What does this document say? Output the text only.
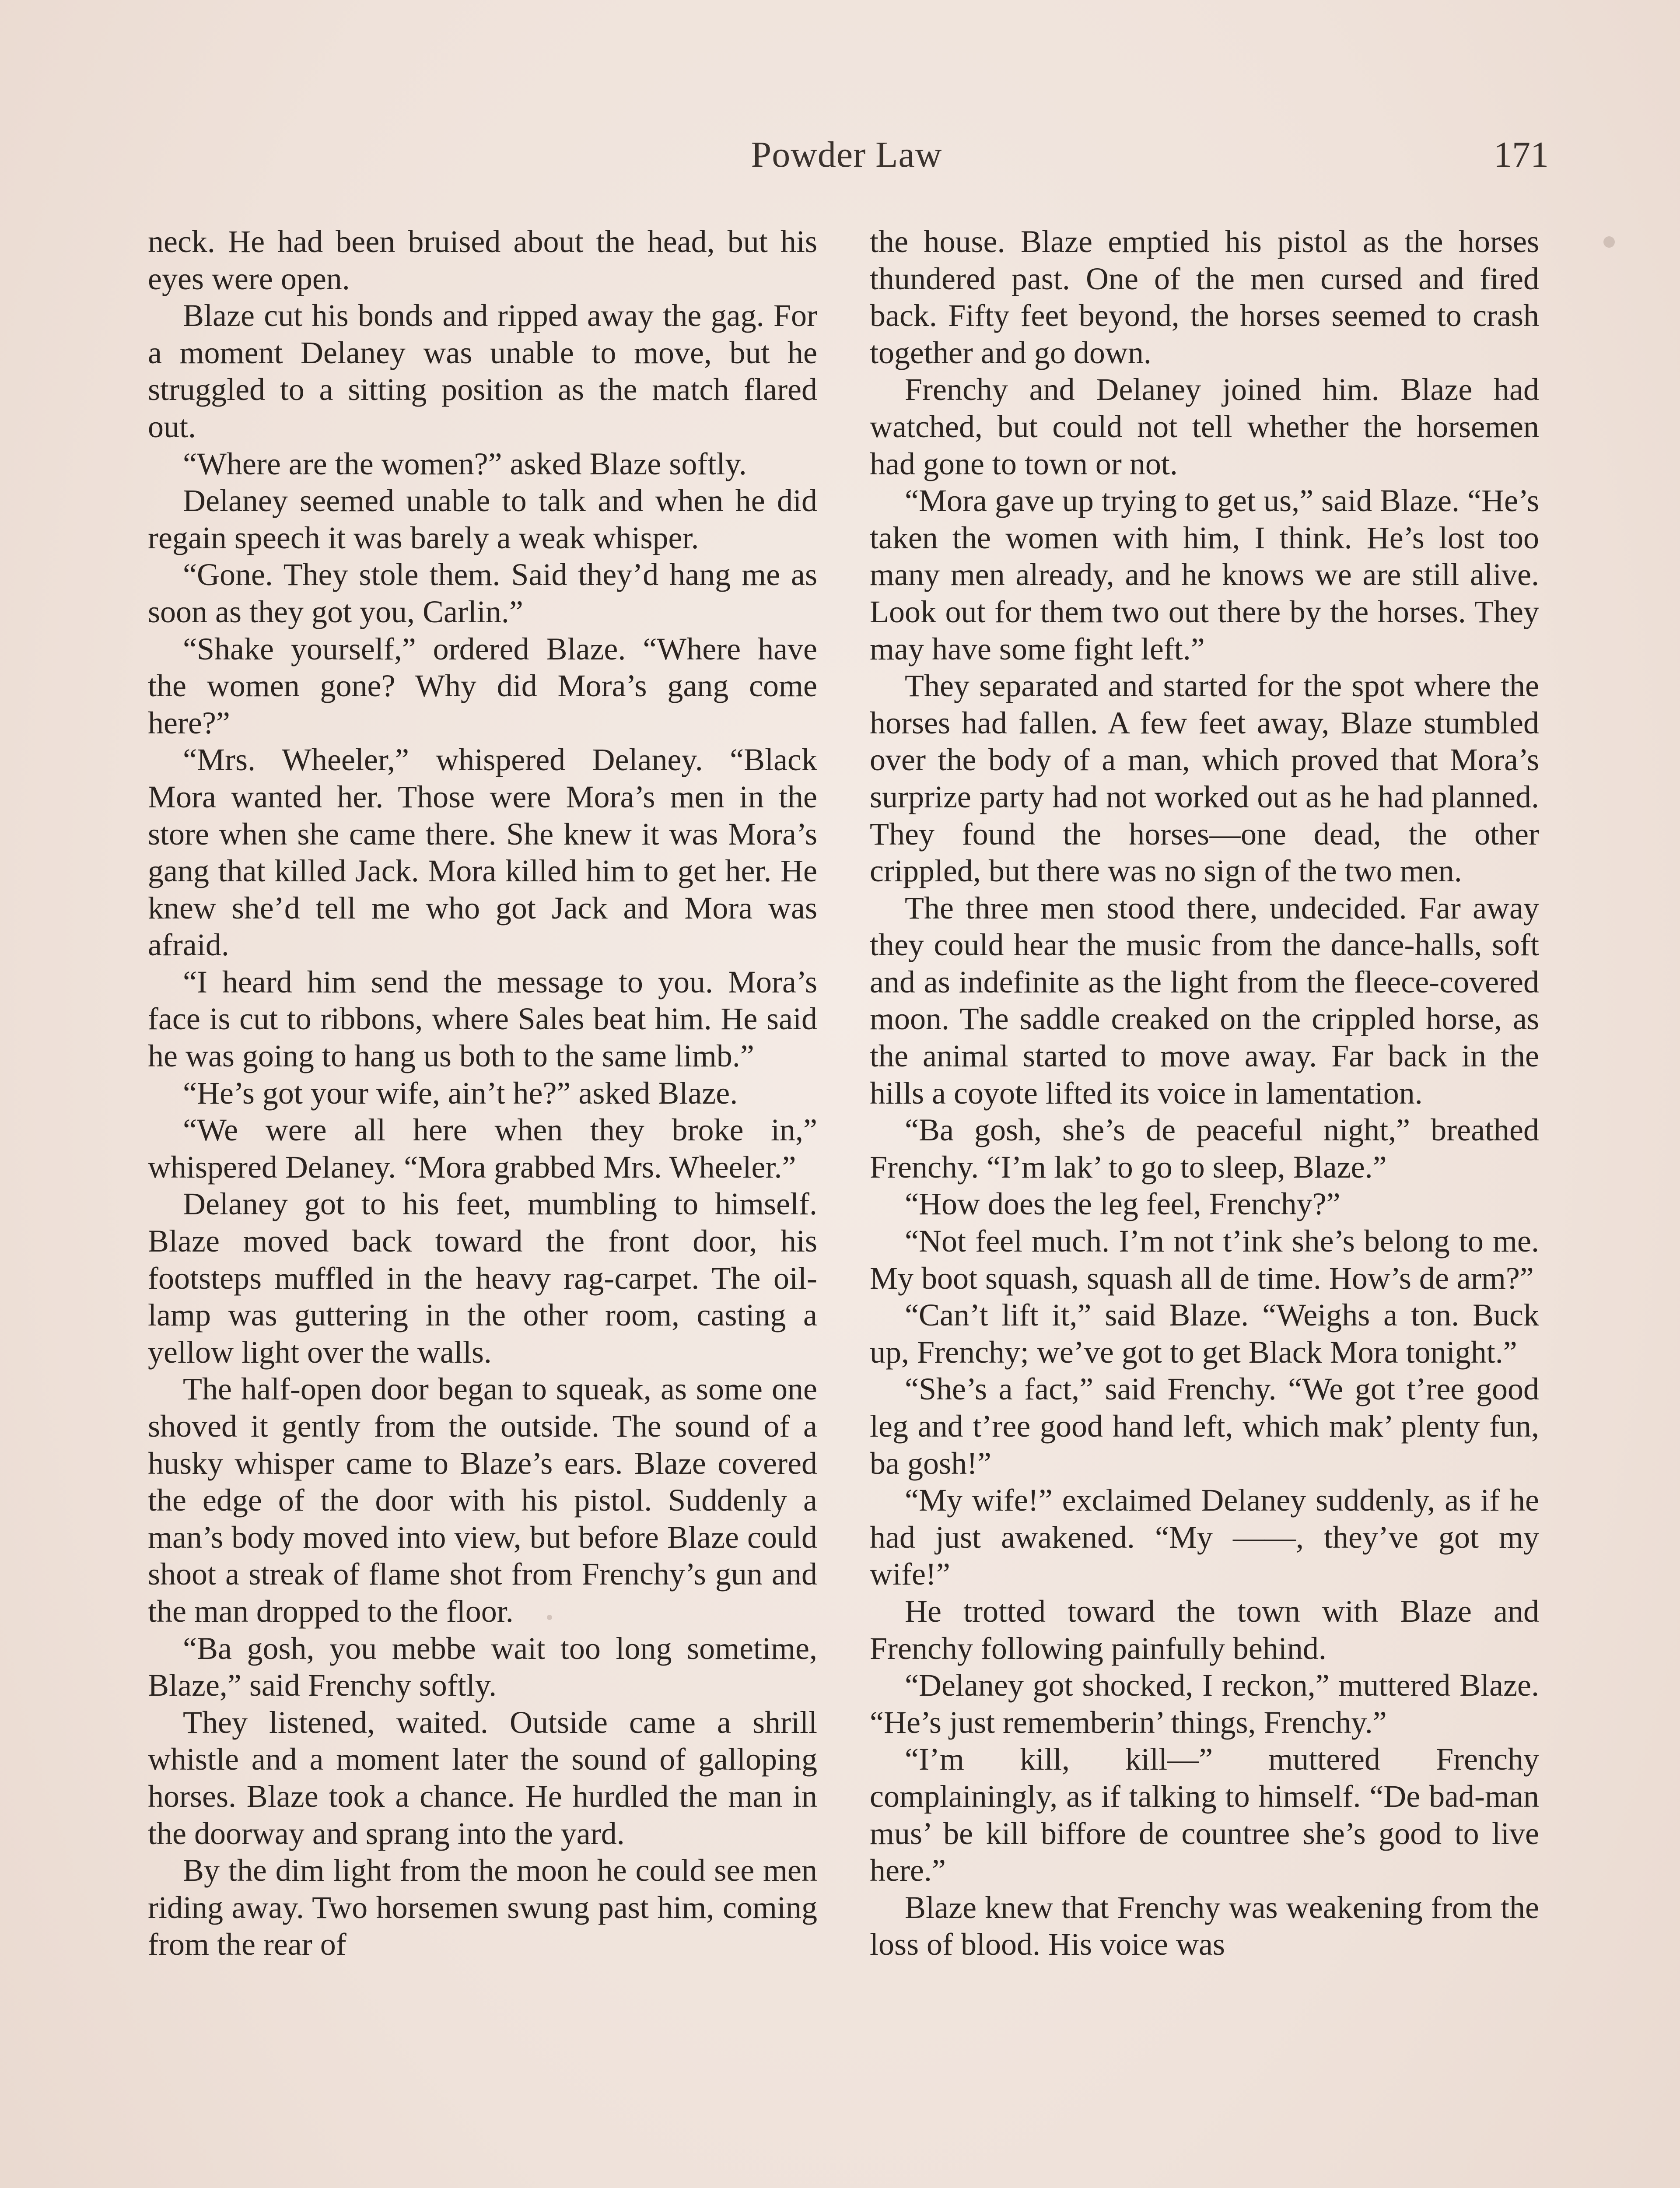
Powder Law	171

neck. He had been bruised about the head, but his eyes were open.

Blaze cut his bonds and ripped away the gag. For a moment Delaney was unable to move, but he struggled to a sitting position as the match flared out.

“Where are the women?” asked Blaze softly.

Delaney seemed unable to talk and when he did regain speech it was barely a weak whisper.

“Gone. They stole them. Said they’d hang me as soon as they got you, Carlin.”

“Shake yourself,” ordered Blaze. “Where have the women gone? Why did Mora’s gang come here?”

“Mrs. Wheeler,” whispered Delaney. “Black Mora wanted her. Those were Mora’s men in the store when she came there. She knew it was Mora’s gang that killed Jack. Mora killed him to get her. He knew she’d tell me who got Jack and Mora was afraid.

“I heard him send the message to you. Mora’s face is cut to ribbons, where Sales beat him. He said he was going to hang us both to the same limb.”

“He’s got your wife, ain’t he?” asked Blaze.

“We were all here when they broke in,” whispered Delaney. “Mora grabbed Mrs. Wheeler.”

Delaney got to his feet, mumbling to himself. Blaze moved back toward the front door, his footsteps muffled in the heavy rag-carpet. The oil-lamp was guttering in the other room, casting a yellow light over the walls.

The half-open door began to squeak, as some one shoved it gently from the outside. The sound of a husky whisper came to Blaze’s ears. Blaze covered the edge of the door with his pistol. Suddenly a man’s body moved into view, but before Blaze could shoot a streak of flame shot from Frenchy’s gun and the man dropped to the floor.

“Ba gosh, you mebbe wait too long sometime, Blaze,” said Frenchy softly.

They listened, waited. Outside came a shrill whistle and a moment later the sound of galloping horses. Blaze took a chance. He hurdled the man in the doorway and sprang into the yard.

By the dim light from the moon he could see men riding away. Two horsemen swung past him, coming from the rear of

the house. Blaze emptied his pistol as the horses thundered past. One of the men cursed and fired back. Fifty feet beyond, the horses seemed to crash together and go down.

Frenchy and Delaney joined him. Blaze had watched, but could not tell whether the horsemen had gone to town or not.

“Mora gave up trying to get us,” said Blaze. “He’s taken the women with him, I think. He’s lost too many men already, and he knows we are still alive. Look out for them two out there by the horses. They may have some fight left.”

They separated and started for the spot where the horses had fallen. A few feet away, Blaze stumbled over the body of a man, which proved that Mora’s surprize party had not worked out as he had planned. They found the horses—one dead, the other crippled, but there was no sign of the two men.

The three men stood there, undecided. Far away they could hear the music from the dance-halls, soft and as indefinite as the light from the fleece-covered moon. The saddle creaked on the crippled horse, as the animal started to move away. Far back in the hills a coyote lifted its voice in lamentation.

“Ba gosh, she’s de peaceful night,” breathed Frenchy. “I’m lak’ to go to sleep, Blaze.”

“How does the leg feel, Frenchy?”

“Not feel much. I’m not t’ink she’s belong to me. My boot squash, squash all de time. How’s de arm?”

“Can’t lift it,” said Blaze. “Weighs a ton. Buck up, Frenchy; we’ve got to get Black Mora tonight.”

“She’s a fact,” said Frenchy. “We got t’ree good leg and t’ree good hand left, which mak’ plenty fun, ba gosh!”

“My wife!” exclaimed Delaney suddenly, as if he had just awakened. “My ——, they’ve got my wife!”

He trotted toward the town with Blaze and Frenchy following painfully behind.

“Delaney got shocked, I reckon,” muttered Blaze. “He’s just rememberin’ things, Frenchy.”

“I’m kill, kill—” muttered Frenchy complainingly, as if talking to himself. “De bad-man mus’ be kill biffore de countree she’s good to live here.”

Blaze knew that Frenchy was weakening from the loss of blood. His voice was
